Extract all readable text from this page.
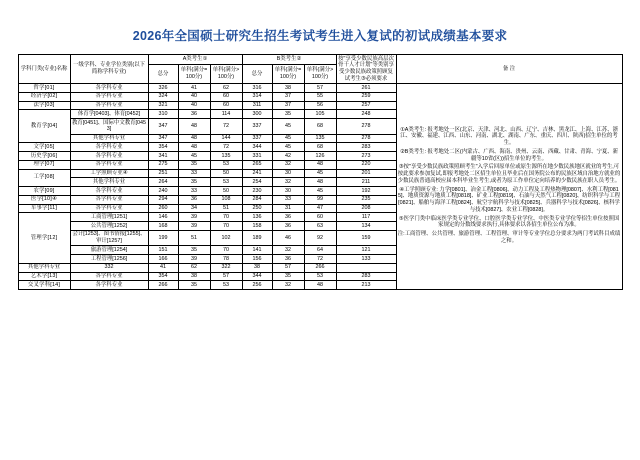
2026年全国硕士研究生招生考试考生进入复试的初试成绩基本要求
学科门类(专业)名称	一级学科、专业学位类别(以下简称学科专业)	A类考生①			B类考生②			按"享受少数民族高层次骨干人才计划"等类别享受少数民族政策照顾复试考生③必须要求	备 注
		总分	单科(满分=100分)	单科(满分>100分)	总分	单科(满分=100分)	单科(满分>100分)		
哲学[01]	各学科专业	326	41	62	316	38	57	261	

①A类考生: 报考地处一区(北京、天津、河北、山西、辽宁、吉林、黑龙江、上海、江苏、浙江、安徽、福建、江西、山东、河南、湖北、湖南、广东、重庆、四川、陕西)招生单位的考生。

②B类考生: 报考地处二区(内蒙古、广西、海南、贵州、云南、西藏、甘肃、青海、宁夏、新疆等10省(区))招生单位的考生。

③按"享受少数民族政策照顾考生"入学后回原单位或原生源所在地少数民族地区就业的考生,可按此要求参加复试,即报考地处二区招生单位且毕业后在国务院公布的民族区域自治地方就业的少数民族普通高校应届本科毕业生考生,或者为原工作单位定向培养的少数民族在职人员考生。

④工学照顾专业: 力学[0801]、冶金工程[0806]、动力工程及工程热物理[0807]、水利工程[0815]、地质资源与地质工程[0818]、矿业工程[0819]、石油与天然气工程[0820]、纺织科学与工程[0821]、船舶与海洋工程[0824]、航空宇航科学与技术[0825]、兵器科学与技术[0826]、核科学与技术[0827]、农业工程[0828]。

⑤医学门类中临床医学类专业学位、口腔医学类专业学位、中医类专业学位等招生单位按照国家规定的分数线要求执行,具体要求以各招生单位公布为准。

注:工商管理、公共管理、旅游管理、工程管理、审计等专业学位总分要求为两门考试科目成绩之和。

经济学[02]	各学科专业	324	40	60	314	37	55	259	
法学[03]	各学科专业	321	40	60	311	37	56	257	
教育学[04]	体育学[0403]、体育[0452]	310	36	114	300	35	105	248	
	教育[0451]、国际中文教育[0453]	347	48	72	337	45	68	278	
	其他学科专业	347	48	144	337	45	135	278	
文学[05]	各学科专业	354	48	72	344	45	68	283	
历史学[06]	各学科专业	341	45	135	331	42	126	273	
理学[07]	各学科专业	275	35	53	265	32	48	220	
工学[08]	工学照顾专业④	251	33	50	241	30	45	201	
	其他学科专业	264	35	53	254	32	48	211	
农学[09]	各学科专业	240	33	50	230	30	45	192	
医学[10]④	各学科专业	294	36	108	284	33	99	235	
军事学[11]	各学科专业	260	34	51	250	31	47	208	
管理学[12]	工商管理[1251]	146	39	70	136	36	60	117	
	公共管理[1252]	168	39	70	158	36	63	134	
	会计[1253]、图书情报[1255]、审计[1257]	199	51	102	189	46	92	159	
	旅游管理[1254]	151	35	70	141	32	64	121	
	工程管理[1256]	166	39	78	156	36	72	133	
其他学科专业	332	41	62	322	38	57	266		
艺术学[13]	各学科专业	354	38	57	344	35	53	283	
交叉学科[14]	各学科专业	266	35	53	256	32	48	213	
